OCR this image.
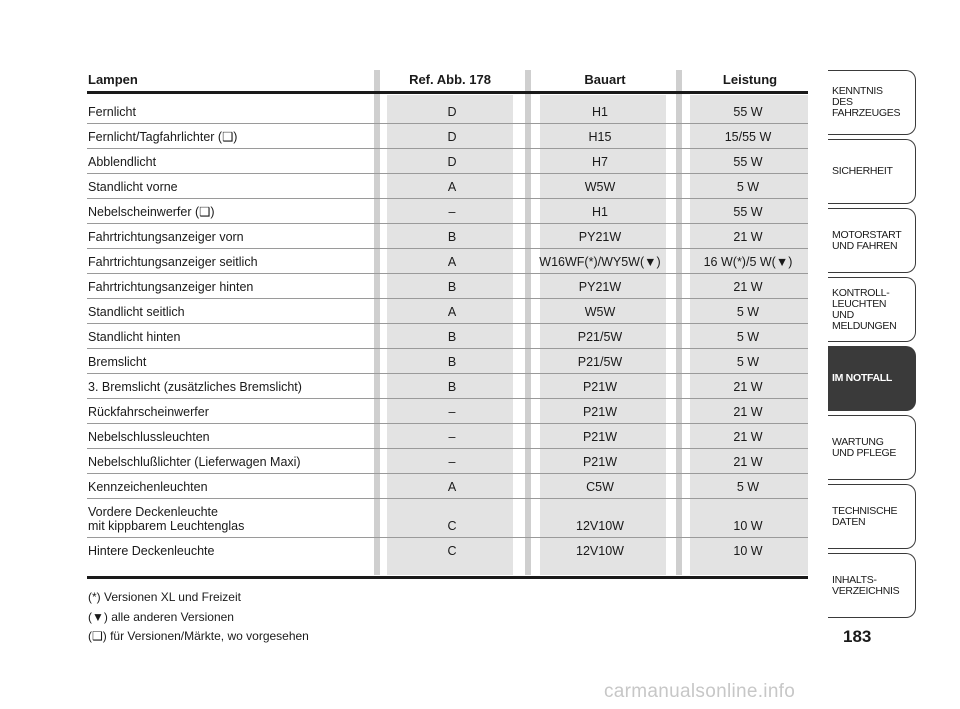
Lampen	Ref. Abb. 178	Bauart	Leistung
Fernlicht	D	H1	55 W
Fernlicht/Tagfahrlichter (❑)	D	H15	15/55 W
Abblendlicht	D	H7	55 W
Standlicht vorne	A	W5W	5 W
Nebelscheinwerfer (❑)	–	H1	55 W
Fahrtrichtungsanzeiger vorn	B	PY21W	21 W
Fahrtrichtungsanzeiger seitlich	A	W16WF(*)/WY5W(▼)	16 W(*)/5 W(▼)
Fahrtrichtungsanzeiger hinten	B	PY21W	21 W
Standlicht seitlich	A	W5W	5 W
Standlicht hinten	B	P21/5W	5 W
Bremslicht	B	P21/5W	5 W
3. Bremslicht (zusätzliches Bremslicht)	B	P21W	21 W
Rückfahrscheinwerfer	–	P21W	21 W
Nebelschlussleuchten	–	P21W	21 W
Nebelschlußlichter (Lieferwagen Maxi)	–	P21W	21 W
Kennzeichenleuchten	A	C5W	5 W
Vordere Deckenleuchte
mit kippbarem Leuchtenglas	C	12V10W	10 W
Hintere Deckenleuchte	C	12V10W	10 W
(*) Versionen XL und Freizeit
(▼) alle anderen Versionen
(❑) für Versionen/Märkte, wo vorgesehen
KENNTNIS
DES FAHRZEUGES
SICHERHEIT
MOTORSTART
UND FAHREN
KONTROLL-
LEUCHTEN
UND MELDUNGEN
IM NOTFALL
WARTUNG
UND PFLEGE
TECHNISCHE
DATEN
INHALTS-
VERZEICHNIS
183
carmanualsonline.info
